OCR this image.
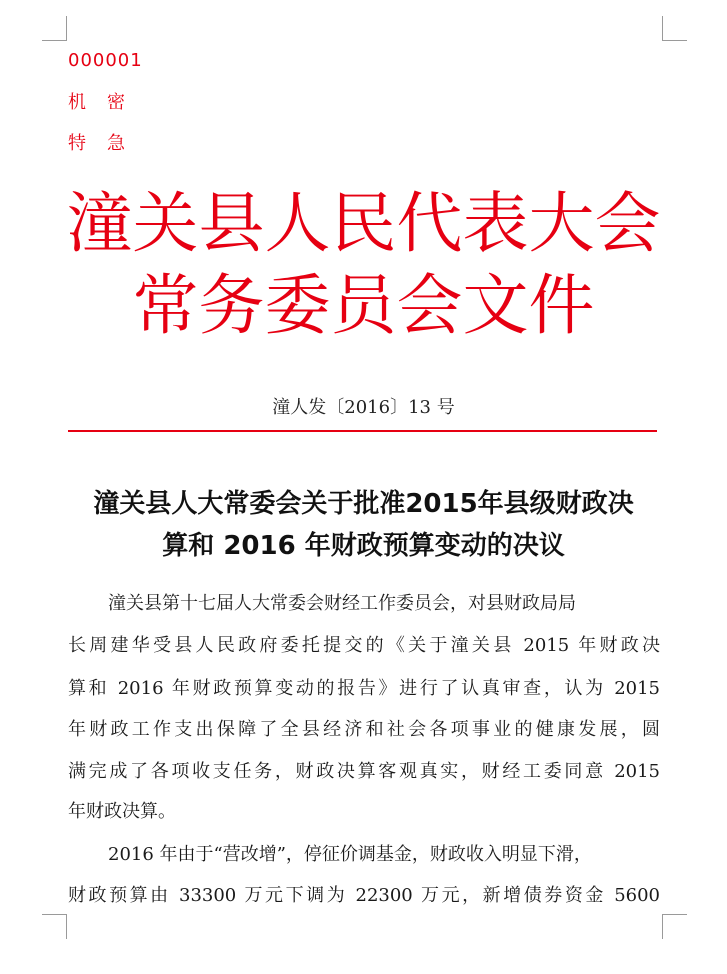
000001
机密
特急
潼关县人民代表大会
常务委员会文件
潼人发〔2016〕13 号
潼关县人大常委会关于批准2015年县级财政决
算和 2016 年财政预算变动的决议
潼关县第十七届人大常委会财经工作委员会，对县财政局局
长周建华受县人民政府委托提交的《关于潼关县 2015 年财政决
算和 2016 年财政预算变动的报告》进行了认真审查，认为 2015
年财政工作支出保障了全县经济和社会各项事业的健康发展，圆
满完成了各项收支任务，财政决算客观真实，财经工委同意 2015
年财政决算。
2016 年由于“营改增”，停征价调基金，财政收入明显下滑，
财政预算由 33300 万元下调为 22300 万元，新增债券资金 5600
